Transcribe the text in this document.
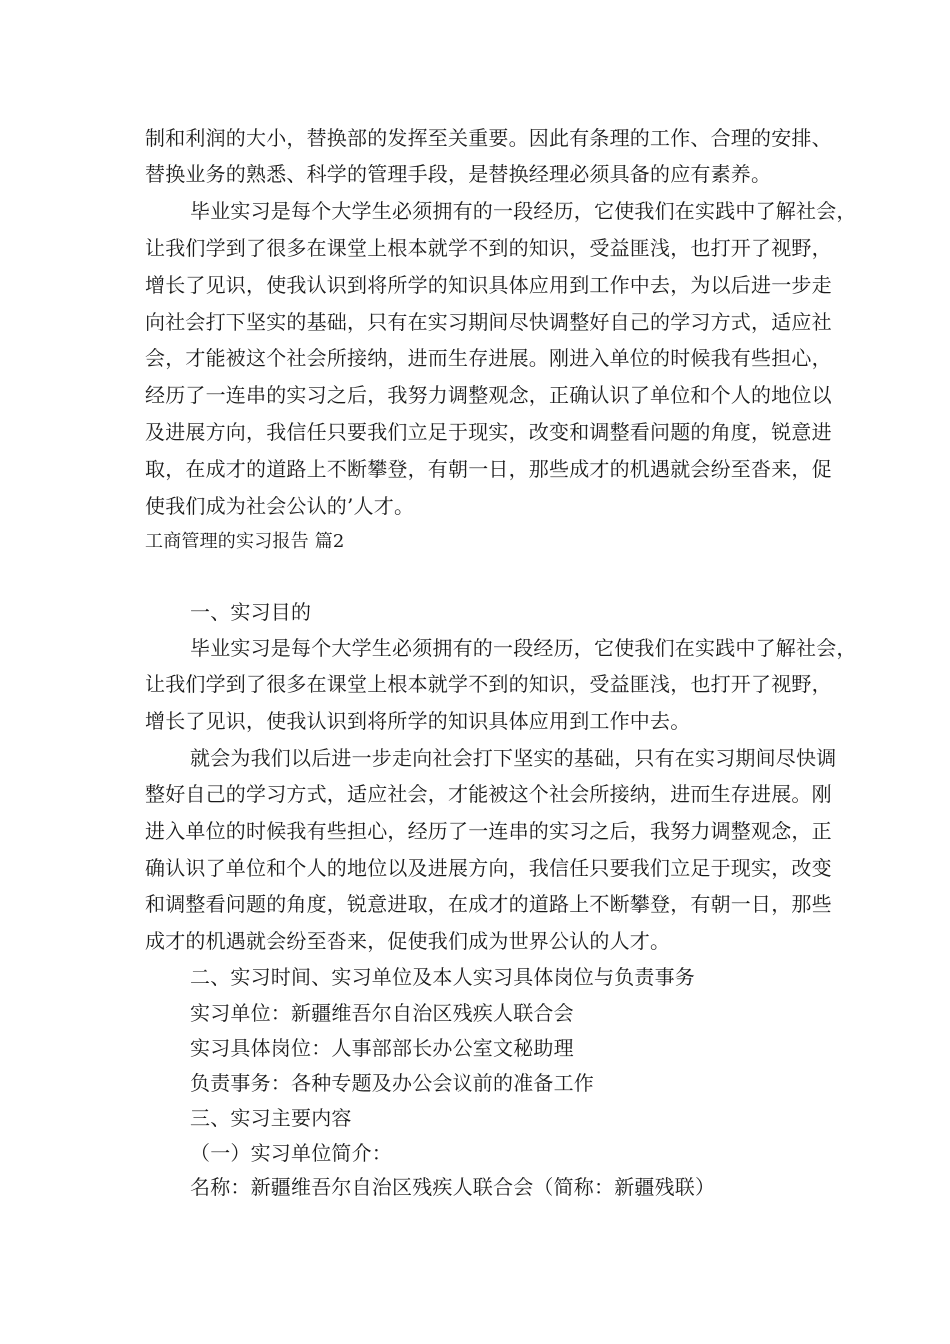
制和利润的大小，替换部的发挥至关重要。因此有条理的工作、合理的安排、
替换业务的熟悉、科学的管理手段，是替换经理必须具备的应有素养。
毕业实习是每个大学生必须拥有的一段经历，它使我们在实践中了解社会，
让我们学到了很多在课堂上根本就学不到的知识，受益匪浅，也打开了视野，
增长了见识，使我认识到将所学的知识具体应用到工作中去，为以后进一步走
向社会打下坚实的基础，只有在实习期间尽快调整好自己的学习方式，适应社
会，才能被这个社会所接纳，进而生存进展。刚进入单位的时候我有些担心，
经历了一连串的实习之后，我努力调整观念，正确认识了单位和个人的地位以
及进展方向，我信任只要我们立足于现实，改变和调整看问题的角度，锐意进
取，在成才的道路上不断攀登，有朝一日，那些成才的机遇就会纷至沓来，促
使我们成为社会公认的’人才。
工商管理的实习报告 篇2
一、实习目的
毕业实习是每个大学生必须拥有的一段经历，它使我们在实践中了解社会，
让我们学到了很多在课堂上根本就学不到的知识，受益匪浅，也打开了视野，
增长了见识，使我认识到将所学的知识具体应用到工作中去。
就会为我们以后进一步走向社会打下坚实的基础，只有在实习期间尽快调
整好自己的学习方式，适应社会，才能被这个社会所接纳，进而生存进展。刚
进入单位的时候我有些担心，经历了一连串的实习之后，我努力调整观念，正
确认识了单位和个人的地位以及进展方向，我信任只要我们立足于现实，改变
和调整看问题的角度，锐意进取，在成才的道路上不断攀登，有朝一日，那些
成才的机遇就会纷至沓来，促使我们成为世界公认的人才。
二、实习时间、实习单位及本人实习具体岗位与负责事务
实习单位：新疆维吾尔自治区残疾人联合会
实习具体岗位：人事部部长办公室文秘助理
负责事务：各种专题及办公会议前的准备工作
三、实习主要内容
（一）实习单位简介：
名称：新疆维吾尔自治区残疾人联合会（简称：新疆残联）
